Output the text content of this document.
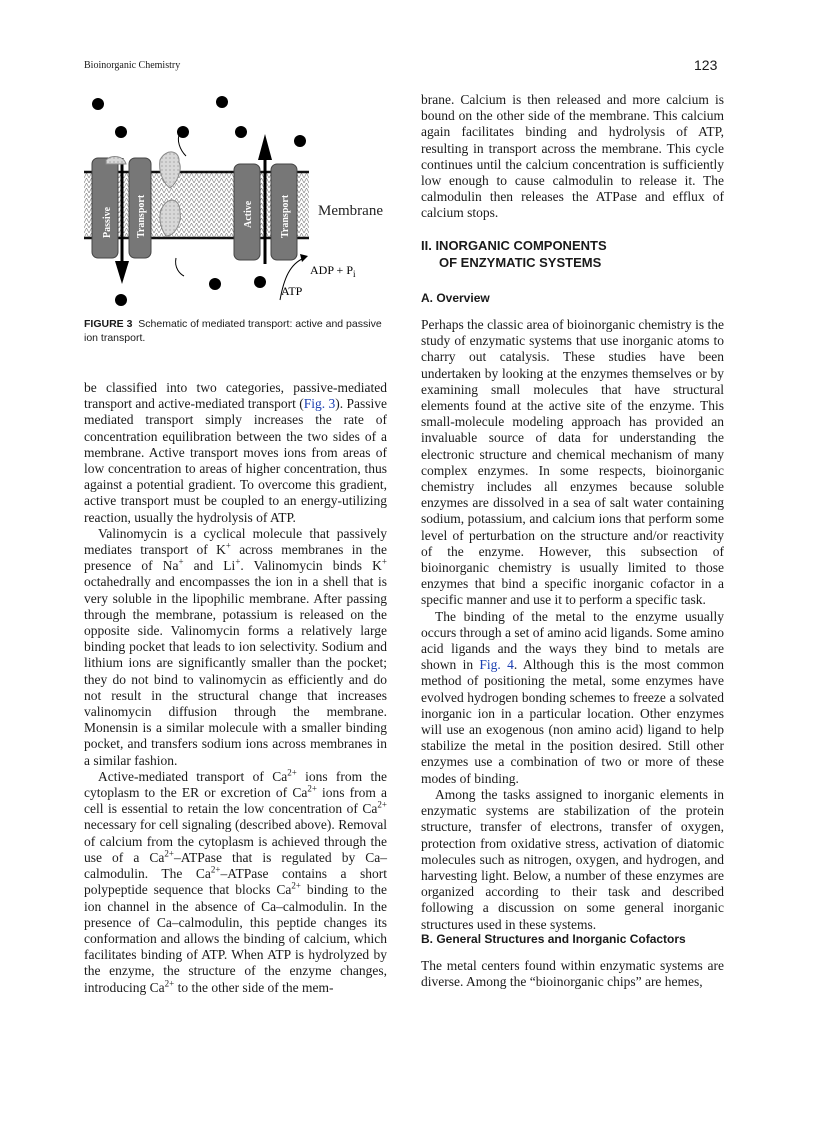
Bioinorganic Chemistry	123
Passive Transport	Active	Transport Membrane
ADP + $P_i$
ATP
FIGURE 3 Schematic of mediated transport: active and passive ion transport.

be classified into two categories, passive-mediated transport and active-mediated transport (Fig. 3). Passive mediated transport simply increases the rate of concentration equilibration between the two sides of a membrane. Active transport moves ions from areas of low concentration to areas of higher concentration, thus against a potential gradient. To overcome this gradient, active transport must be coupled to an energy-utilizing reaction, usually the hydrolysis of ATP.

Valinomycin is a cyclical molecule that passively mediates transport of K+ across membranes in the presence of Na+ and Li+. Valinomycin binds K+ octahedrally and encompasses the ion in a shell that is very soluble in the lipophilic membrane. After passing through the membrane, potassium is released on the opposite side. Valinomycin forms a relatively large binding pocket that leads to ion selectivity. Sodium and lithium ions are significantly smaller than the pocket; they do not bind to valinomycin as efficiently and do not result in the structural change that increases valinomycin diffusion through the membrane. Monensin is a similar molecule with a smaller binding pocket, and transfers sodium ions across membranes in a similar fashion.

Active-mediated transport of $Ca^{2+}$ ions from the cytoplasm to the ER or excretion of $Ca^{2+}$ ions from a cell is essential to retain the low concentration of $Ca^{2+}$ necessary for cell signaling (described above). Removal of calcium from the cytoplasm is achieved through the use of a $Ca^{2+}$–ATPase that is regulated by Ca–calmodulin. The $Ca^{2+}$–ATPase contains a short polypeptide sequence that blocks $Ca^{2+}$ binding to the ion channel in the absence of Ca–calmodulin. In the presence of Ca–calmodulin, this peptide changes its conformation and allows the binding of calcium, which facilitates binding of ATP. When ATP is hydrolyzed by the enzyme, the structure of the enzyme changes, introducing $Ca^{2+}$ to the other side of the mem-

brane. Calcium is then released and more calcium is bound on the other side of the membrane. This calcium again facilitates binding and hydrolysis of ATP, resulting in transport across the membrane. This cycle continues until the calcium concentration is sufficiently low enough to cause calmodulin to release it. The calmodulin then releases the ATPase and efflux of calcium stops.

II. INORGANIC COMPONENTS
OF ENZYMATIC SYSTEMS
A. Overview

Perhaps the classic area of bioinorganic chemistry is the study of enzymatic systems that use inorganic atoms to charry out catalysis. These studies have been undertaken by looking at the enzymes themselves or by examining small molecules that have structural elements found at the active site of the enzyme. This small-molecule modeling approach has provided an invaluable source of data for understanding the electronic structure and chemical mechanism of many complex enzymes. In some respects, bioinorganic chemistry includes all enzymes because soluble enzymes are dissolved in a sea of salt water containing sodium, potassium, and calcium ions that perform some level of perturbation on the structure and/or reactivity of the enzyme. However, this subsection of bioinorganic chemistry is usually limited to those enzymes that bind a specific inorganic cofactor in a specific manner and use it to perform a specific task.

The binding of the metal to the enzyme usually occurs through a set of amino acid ligands. Some amino acid ligands and the ways they bind to metals are shown in Fig. 4. Although this is the most common method of positioning the metal, some enzymes have evolved hydrogen bonding schemes to freeze a solvated inorganic ion in a particular location. Other enzymes will use an exogenous (non amino acid) ligand to help stabilize the metal in the position desired. Still other enzymes use a combination of two or more of these modes of binding.

Among the tasks assigned to inorganic elements in enzymatic systems are stabilization of the protein structure, transfer of electrons, transfer of oxygen, protection from oxidative stress, activation of diatomic molecules such as nitrogen, oxygen, and hydrogen, and harvesting light. Below, a number of these enzymes are organized according to their task and described following a discussion on some general inorganic structures used in these systems.

B. General Structures and Inorganic Cofactors

The metal centers found within enzymatic systems are diverse. Among the “bioinorganic chips” are hemes,
